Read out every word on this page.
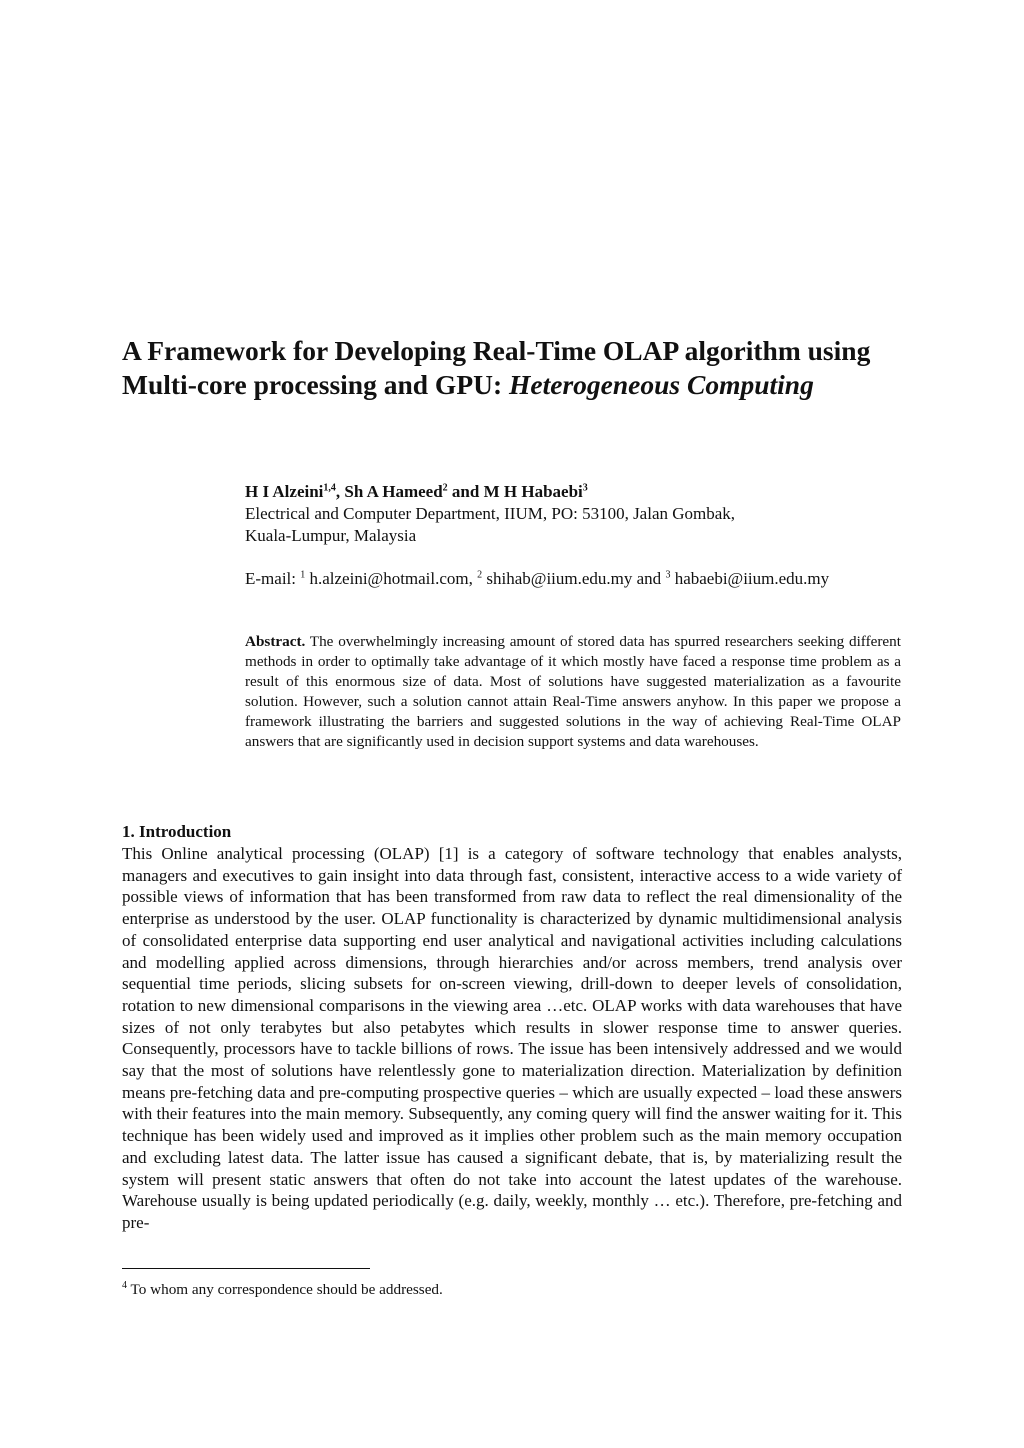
A Framework for Developing Real-Time OLAP algorithm using Multi-core processing and GPU: Heterogeneous Computing
H I Alzeini$^{1,4}$, Sh A Hameed$^2$ and M H Habaebi$^3$
Electrical and Computer Department, IIUM, PO: 53100, Jalan Gombak,
Kuala-Lumpur, Malaysia
E-mail: $^1$ h.alzeini@hotmail.com, $^2$ shihab@iium.edu.my and $^3$ habaebi@iium.edu.my

Abstract. The overwhelmingly increasing amount of stored data has spurred researchers seeking different methods in order to optimally take advantage of it which mostly have faced a response time problem as a result of this enormous size of data. Most of solutions have suggested materialization as a favourite solution. However, such a solution cannot attain Real-Time answers anyhow. In this paper we propose a framework illustrating the barriers and suggested solutions in the way of achieving Real-Time OLAP answers that are significantly used in decision support systems and data warehouses.

1. Introduction

This Online analytical processing (OLAP) [1] is a category of software technology that enables analysts, managers and executives to gain insight into data through fast, consistent, interactive access to a wide variety of possible views of information that has been transformed from raw data to reflect the real dimensionality of the enterprise as understood by the user. OLAP functionality is characterized by dynamic multidimensional analysis of consolidated enterprise data supporting end user analytical and navigational activities including calculations and modelling applied across dimensions, through hierarchies and/or across members, trend analysis over sequential time periods, slicing subsets for on-screen viewing, drill-down to deeper levels of consolidation, rotation to new dimensional comparisons in the viewing area …etc. OLAP works with data warehouses that have sizes of not only terabytes but also petabytes which results in slower response time to answer queries. Consequently, processors have to tackle billions of rows. The issue has been intensively addressed and we would say that the most of solutions have relentlessly gone to materialization direction. Materialization by definition means pre-fetching data and pre-computing prospective queries – which are usually expected – load these answers with their features into the main memory. Subsequently, any coming query will find the answer waiting for it. This technique has been widely used and improved as it implies other problem such as the main memory occupation and excluding latest data. The latter issue has caused a significant debate, that is, by materializing result the system will present static answers that often do not take into account the latest updates of the warehouse. Warehouse usually is being updated periodically (e.g. daily, weekly, monthly … etc.). Therefore, pre-fetching and pre-

$^4$ To whom any correspondence should be addressed.
